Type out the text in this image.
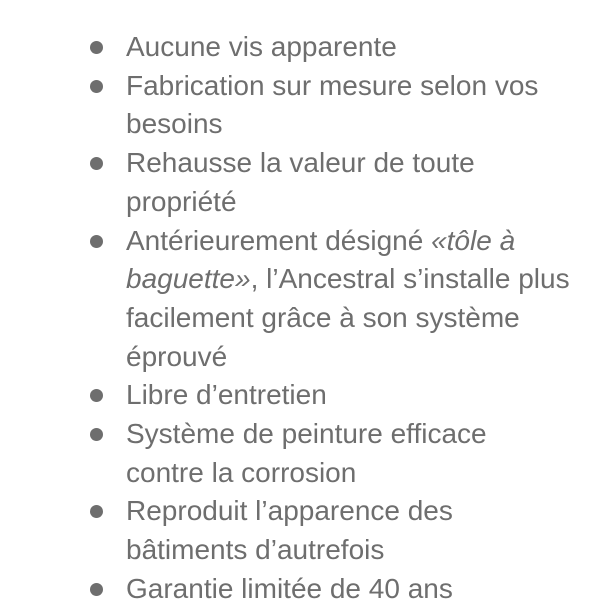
Aucune vis apparente
Fabrication sur mesure selon vos besoins
Rehausse la valeur de toute propriété
Antérieurement désigné «tôle à baguette», l’Ancestral s’installe plus facilement grâce à son système éprouvé
Libre d’entretien
Système de peinture efficace contre la corrosion
Reproduit l’apparence des bâtiments d’autrefois
Garantie limitée de 40 ans
